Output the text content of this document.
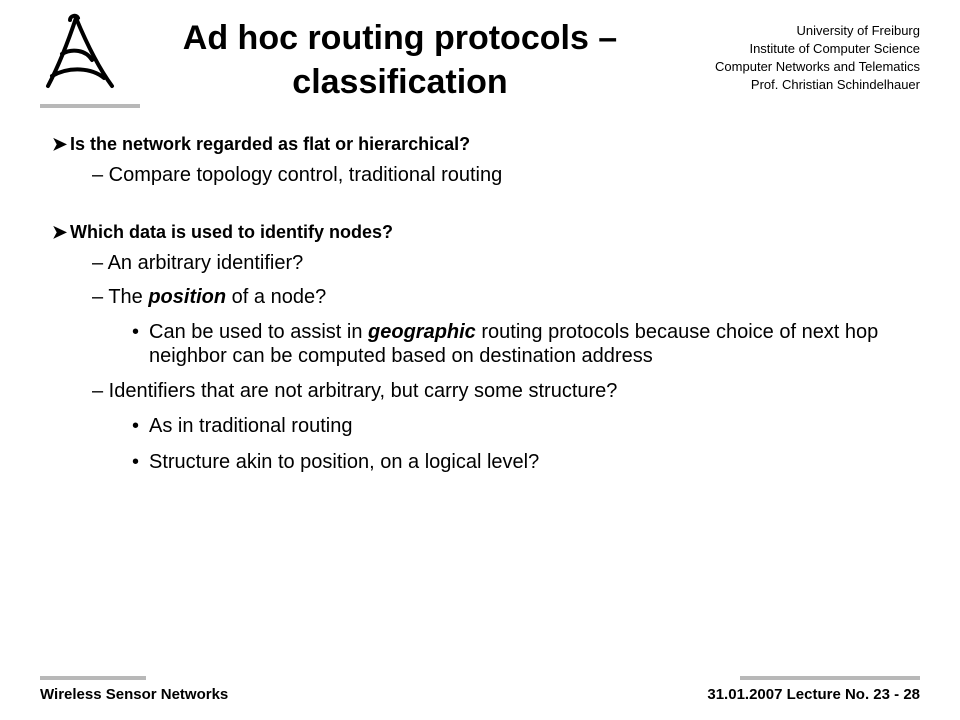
Ad hoc routing protocols –
classification
University of Freiburg
Institute of Computer Science
Computer Networks and Telematics
Prof. Christian Schindelhauer
➤ Is the network regarded as flat or hierarchical?
– Compare topology control, traditional routing
➤ Which data is used to identify nodes?
– An arbitrary identifier?
– The position of a node?
• Can be used to assist in geographic routing protocols because choice of next hop neighbor can be computed based on destination address
– Identifiers that are not arbitrary, but carry some structure?
• As in traditional routing
• Structure akin to position, on a logical level?
Wireless Sensor Networks	31.01.2007 Lecture No. 23 - 28
